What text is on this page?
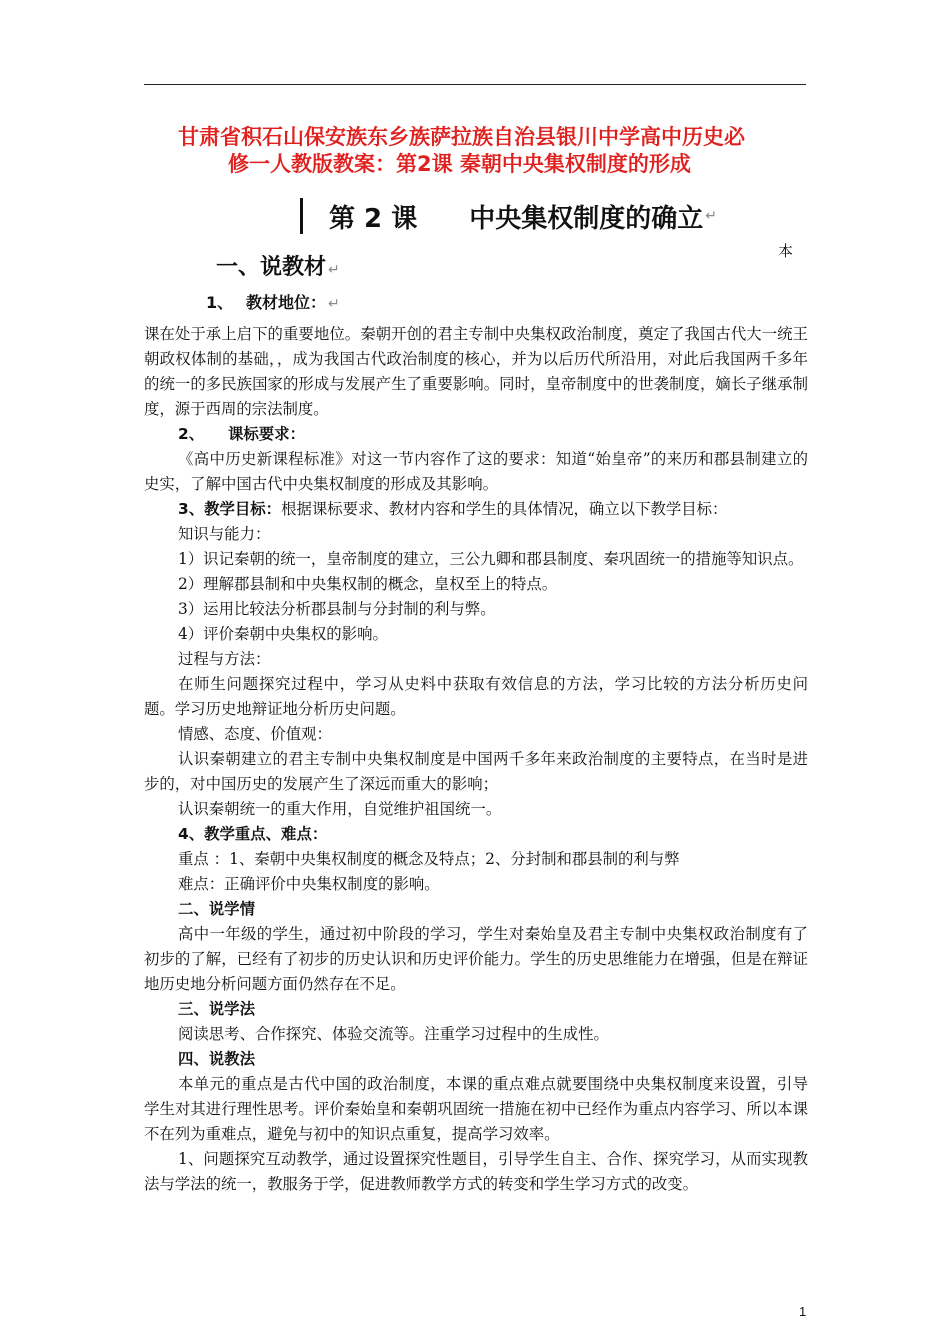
甘肃省积石山保安族东乡族萨拉族自治县银川中学高中历史必
修一人教版教案：第2课 秦朝中央集权制度的形成
第 2 课 中央集权制度的确立 ↵
本
一、说教材 ↵
1、 教材地位： ↵

课在处于承上启下的重要地位。秦朝开创的君主专制中央集权政治制度，奠定了我国古代大一统王朝政权体制的基础，，成为我国古代政治制度的核心，并为以后历代所沿用，对此后我国两千多年的统一的多民族国家的形成与发展产生了重要影响。同时，皇帝制度中的世袭制度，嫡长子继承制度，源于西周的宗法制度。

2、 课标要求：

《高中历史新课程标准》对这一节内容作了这的要求：知道“始皇帝”的来历和郡县制建立的史实，了解中国古代中央集权制度的形成及其影响。

3、教学目标：根据课标要求、教材内容和学生的具体情况，确立以下教学目标：

知识与能力：

1）识记秦朝的统一，皇帝制度的建立，三公九卿和郡县制度、秦巩固统一的措施等知识点。

2）理解郡县制和中央集权制的概念，皇权至上的特点。

3）运用比较法分析郡县制与分封制的利与弊。

4）评价秦朝中央集权的影响。

过程与方法：

在师生问题探究过程中，学习从史料中获取有效信息的方法，学习比较的方法分析历史问题。学习历史地辩证地分析历史问题。

情感、态度、价值观：

认识秦朝建立的君主专制中央集权制度是中国两千多年来政治制度的主要特点，在当时是进步的，对中国历史的发展产生了深远而重大的影响；

认识秦朝统一的重大作用，自觉维护祖国统一。

4、教学重点、难点：

重点 ：1、秦朝中央集权制度的概念及特点；2、分封制和郡县制的利与弊

难点：正确评价中央集权制度的影响。

二、说学情

高中一年级的学生，通过初中阶段的学习，学生对秦始皇及君主专制中央集权政治制度有了初步的了解，已经有了初步的历史认识和历史评价能力。学生的历史思维能力在增强，但是在辩证地历史地分析问题方面仍然存在不足。

三、说学法

阅读思考、合作探究、体验交流等。注重学习过程中的生成性。

四、说教法

本单元的重点是古代中国的政治制度，本课的重点难点就要围绕中央集权制度来设置，引导学生对其进行理性思考。评价秦始皇和秦朝巩固统一措施在初中已经作为重点内容学习、所以本课不在列为重难点，避免与初中的知识点重复，提高学习效率。

1、问题探究互动教学，通过设置探究性题目，引导学生自主、合作、探究学习，从而实现教法与学法的统一，教服务于学，促进教师教学方式的转变和学生学习方式的改变。

1
